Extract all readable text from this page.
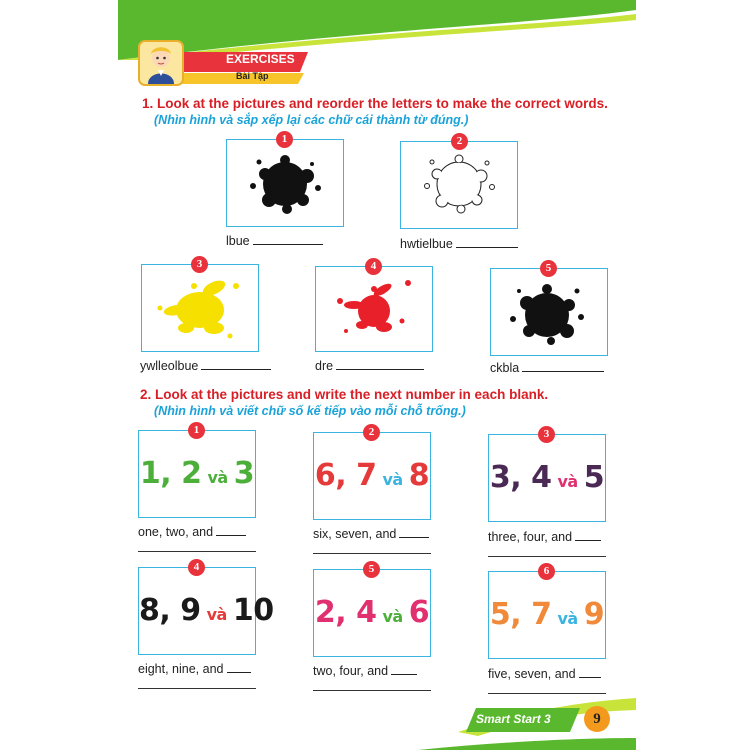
EXERCISES
Bài Tập
1. Look at the pictures and reorder the letters to make the correct words.
(Nhìn hình và sắp xếp lại các chữ cái thành từ đúng.)
1
lbue
2
hwtielbue
3
ywlleolbue
4
dre
5
ckbla
2. Look at the pictures and write the next number in each blank.
(Nhìn hình và viết chữ số kế tiếp vào mỗi chỗ trống.)
1, 2 và 3
1
one, two, and
6, 7 và 8
2
six, seven, and
3, 4 và 5
3
three, four, and
8, 9 và 10
4
eight, nine, and
2, 4 và 6
5
two, four, and
5, 7 và 9
6
five, seven, and
Smart Start 3	9
